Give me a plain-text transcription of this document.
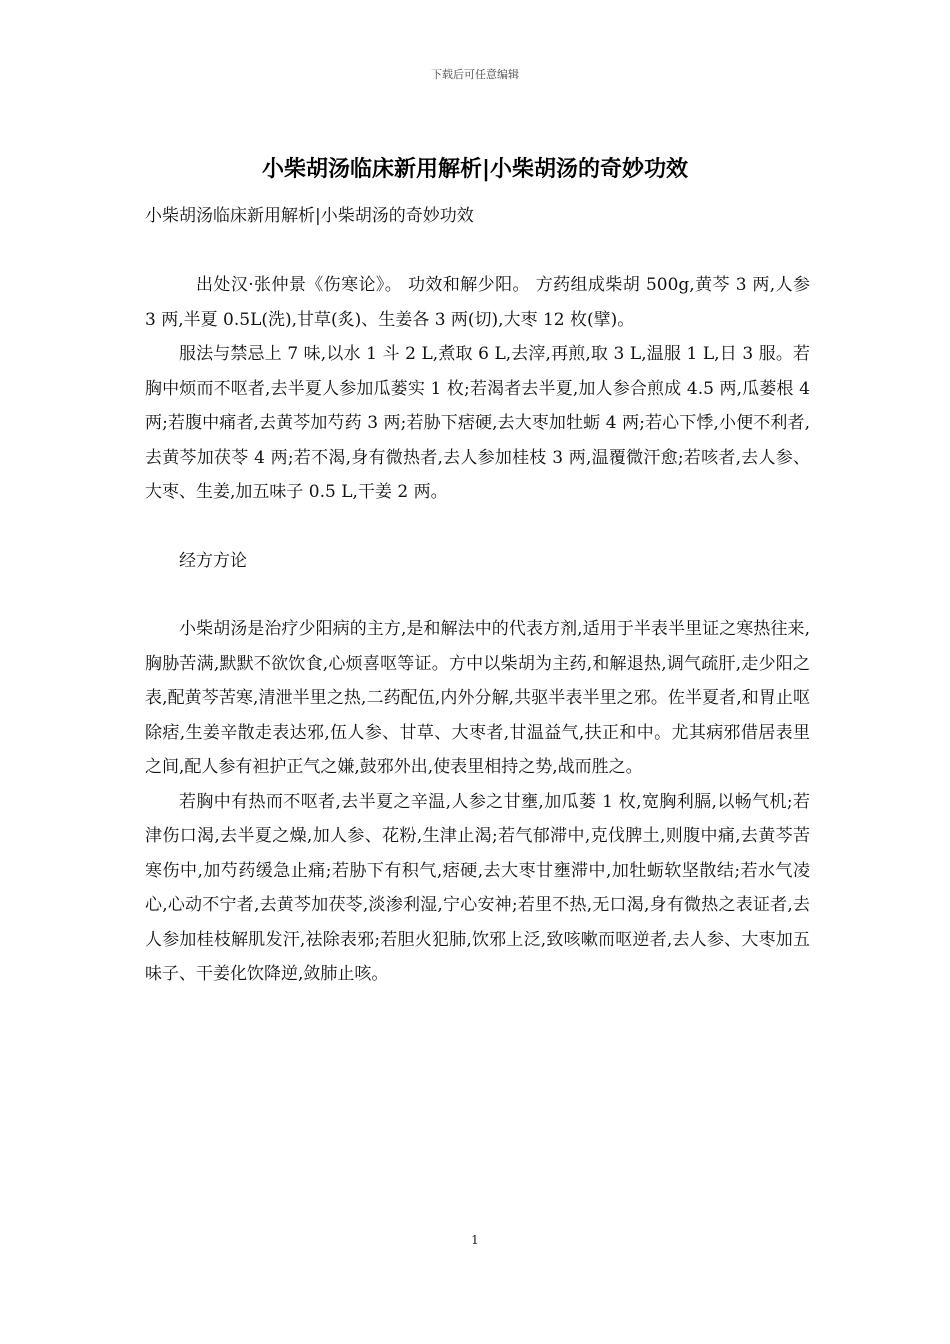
下载后可任意编辑
小柴胡汤临床新用解析|小柴胡汤的奇妙功效
小柴胡汤临床新用解析|小柴胡汤的奇妙功效

出处汉·张仲景《伤寒论》。 功效和解少阳。 方药组成柴胡 500g,黄芩 3 两,人参 3 两,半夏 0.5L(洗),甘草(炙)、生姜各 3 两(切),大枣 12 枚(擘)。

服法与禁忌上 7 味,以水 1 斗 2 L,煮取 6 L,去滓,再煎,取 3 L,温服 1 L,日 3 服。若胸中烦而不呕者,去半夏人参加瓜蒌实 1 枚;若渴者去半夏,加人参合煎成 4.5 两,瓜蒌根 4 两;若腹中痛者,去黄芩加芍药 3 两;若胁下痞硬,去大枣加牡蛎 4 两;若心下悸,小便不利者,去黄芩加茯苓 4 两;若不渴,身有微热者,去人参加桂枝 3 两,温覆微汗愈;若咳者,去人参、大枣、生姜,加五味子 0.5 L,干姜 2 两。

经方方论

小柴胡汤是治疗少阳病的主方,是和解法中的代表方剂,适用于半表半里证之寒热往来,胸胁苦满,默默不欲饮食,心烦喜呕等证。方中以柴胡为主药,和解退热,调气疏肝,走少阳之表,配黄芩苦寒,清泄半里之热,二药配伍,内外分解,共驱半表半里之邪。佐半夏者,和胃止呕除痞,生姜辛散走表达邪,伍人参、甘草、大枣者,甘温益气,扶正和中。尤其病邪借居表里之间,配人参有袒护正气之嫌,鼓邪外出,使表里相持之势,战而胜之。

若胸中有热而不呕者,去半夏之辛温,人参之甘壅,加瓜蒌 1 枚,宽胸利膈,以畅气机;若津伤口渴,去半夏之燥,加人参、花粉,生津止渴;若气郁滞中,克伐脾土,则腹中痛,去黄芩苦寒伤中,加芍药缓急止痛;若胁下有积气,痞硬,去大枣甘壅滞中,加牡蛎软坚散结;若水气凌心,心动不宁者,去黄芩加茯苓,淡渗利湿,宁心安神;若里不热,无口渴,身有微热之表证者,去人参加桂枝解肌发汗,祛除表邪;若胆火犯肺,饮邪上泛,致咳嗽而呕逆者,去人参、大枣加五味子、干姜化饮降逆,敛肺止咳。

1
